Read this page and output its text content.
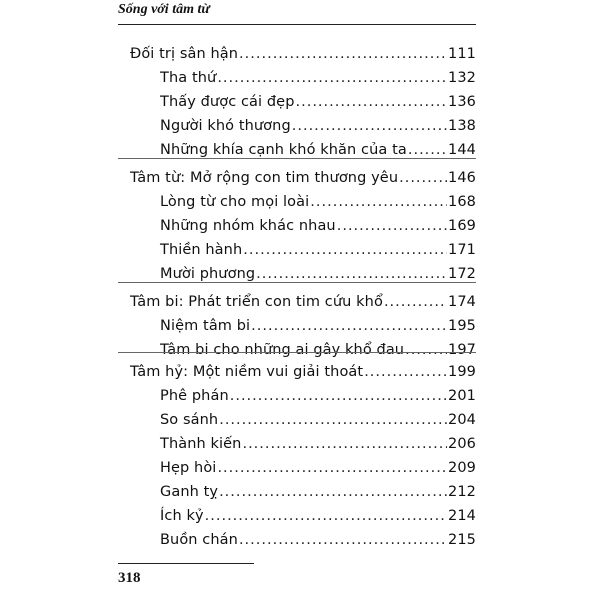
Sống với tâm từ
Đối trị sân hận .....	111
Tha thứ .....	132
Thấy được cái đẹp .....	136
Người khó thương .....	138
Những khía cạnh khó khăn của ta .....	144
Tâm từ: Mở rộng con tim thương yêu .....	146
Lòng từ cho mọi loài .....	168
Những nhóm khác nhau .....	169
Thiền hành .....	171
Mười phương .....	172
Tâm bi: Phát triển con tim cứu khổ .....	174
Niệm tâm bi .....	195
Tâm bi cho những ai gây khổ đau .....	197
Tâm hỷ: Một niềm vui giải thoát .....	199
Phê phán .....	201
So sánh .....	204
Thành kiến .....	206
Hẹp hòi .....	209
Ganh tỵ .....	212
Ích kỷ .....	214
Buồn chán .....	215
318
